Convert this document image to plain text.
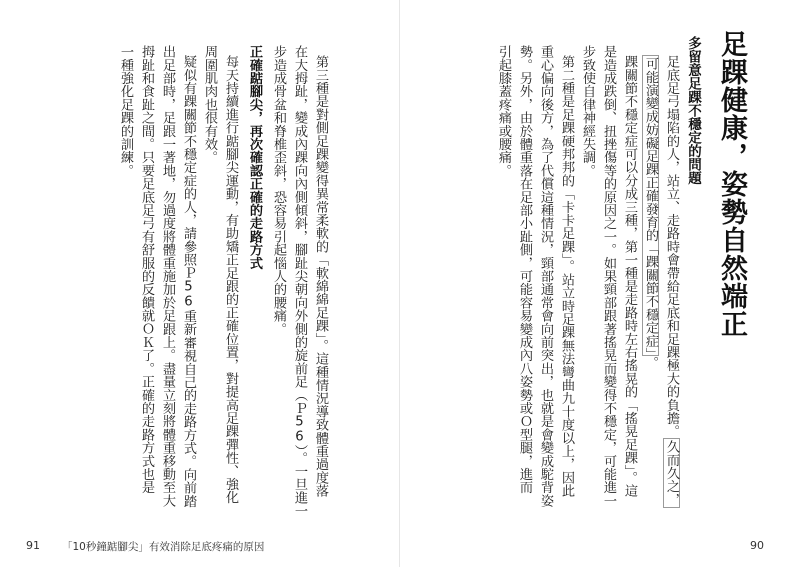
足踝健康，姿勢自然端正
多留意足踝不穩定的問題
足底足弓塌陷的人，站立、走路時會帶給足底和足踝極大的負擔。久而久之，
可能演變成妨礙足踝正確發育的「踝關節不穩定症」。
踝關節不穩定症可以分成三種，第一種是走路時左右搖晃的「搖晃足踝」。這
是造成跌倒、扭挫傷等的原因之一。如果頸部跟著搖晃而變得不穩定，可能進一
步致使自律神經失調。
第二種是足踝硬邦邦的「卡卡足踝」。站立時足踝無法彎曲九十度以上，因此
重心偏向後方，為了代償這種情況，頸部通常會向前突出，也就是會變成駝背姿
勢。另外，由於體重落在足部小趾側，可能容易變成內八姿勢或Ｏ型腿，進而
引起膝蓋疼痛或腰痛。
90
第三種是對側足踝變得異常柔軟的「軟綿綿足踝」。這種情況導致體重過度落
在大拇趾，變成內踝向內側傾斜，腳趾尖朝向外側的旋前足（Ｐ56）。一旦進一
步造成骨盆和脊椎歪斜，恐容易引起惱人的腰痛。
正確踮腳尖，再次確認正確的走路方式
每天持續進行踮腳尖運動，有助矯正足跟的正確位置，對提高足踝彈性、強化
周圍肌肉也很有效。
疑似有踝關節不穩定症的人，請參照Ｐ56重新審視自己的走路方式。向前踏
出足部時，足跟一著地，勿過度將體重施加於足跟上。盡量立刻將體重移動至大
拇趾和食趾之間。只要足底足弓有舒服的反饋就ＯＫ了。正確的走路方式也是
一種強化足踝的訓練。
91 「10秒鐘踮腳尖」有效消除足底疼痛的原因
